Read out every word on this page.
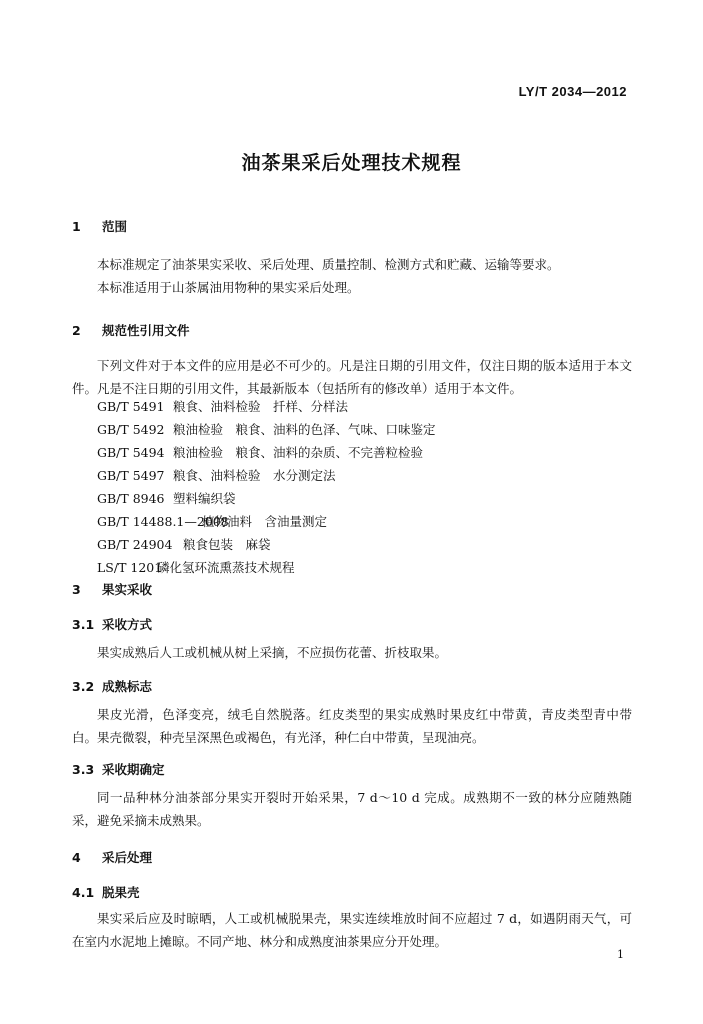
LY/T 2034—2012
油茶果采后处理技术规程
1 范围
本标准规定了油茶果实采收、采后处理、质量控制、检测方式和贮藏、运输等要求。
本标准适用于山茶属油用物种的果实采后处理。
2 规范性引用文件
下列文件对于本文件的应用是必不可少的。凡是注日期的引用文件，仅注日期的版本适用于本文件。凡是不注日期的引用文件，其最新版本（包括所有的修改单）适用于本文件。
GB/T 5491 粮食、油料检验　扦样、分样法
GB/T 5492 粮油检验　粮食、油料的色泽、气味、口味鉴定
GB/T 5494 粮油检验　粮食、油料的杂质、不完善粒检验
GB/T 5497 粮食、油料检验　水分测定法
GB/T 8946 塑料编织袋
GB/T 14488.1—2008植物油料　含油量测定
GB/T 24904 粮食包装　麻袋
LS/T 1201磷化氢环流熏蒸技术规程
3 果实采收
3.1 采收方式
果实成熟后人工或机械从树上采摘，不应损伤花蕾、折枝取果。
3.2 成熟标志
果皮光滑，色泽变亮，绒毛自然脱落。红皮类型的果实成熟时果皮红中带黄，青皮类型青中带白。果壳微裂，种壳呈深黑色或褐色，有光泽，种仁白中带黄，呈现油亮。
3.3 采收期确定
同一品种林分油茶部分果实开裂时开始采果，7 d～10 d 完成。成熟期不一致的林分应随熟随采，避免采摘未成熟果。
4 采后处理
4.1 脱果壳
果实采后应及时晾晒，人工或机械脱果壳，果实连续堆放时间不应超过 7 d，如遇阴雨天气，可在室内水泥地上摊晾。不同产地、林分和成熟度油茶果应分开处理。
1
